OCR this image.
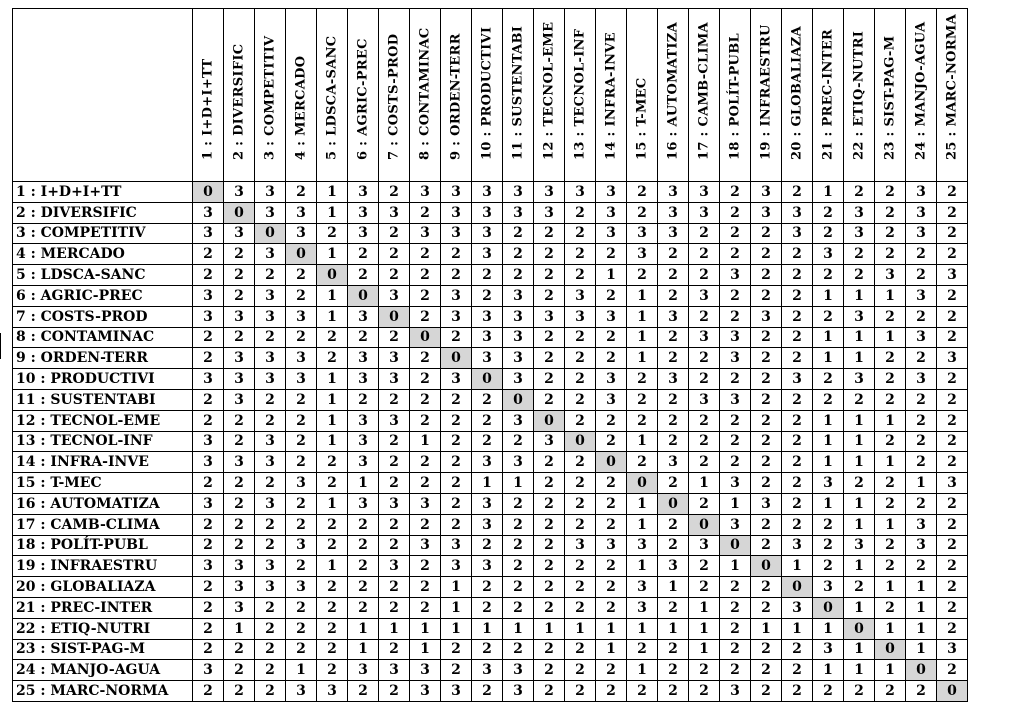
	1 : I+D+I+TT	2 : DIVERSIFIC	3 : COMPETITIV	4 : MERCADO	5 : LDSCA-SANC	6 : AGRIC-PREC	7 : COSTS-PROD	8 : CONTAMINAC	9 : ORDEN-TERR	10 : PRODUCTIVI	11 : SUSTENTABI	12 : TECNOL-EME	13 : TECNOL-INF	14 : INFRA-INVE	15 : T-MEC	16 : AUTOMATIZA	17 : CAMB-CLIMA	18 : POLÍT-PUBL	19 : INFRAESTRU	20 : GLOBALIAZA	21 : PREC-INTER	22 : ETIQ-NUTRI	23 : SIST-PAG-M	24 : MANJO-AGUA	25 : MARC-NORMA

1 : I+D+I+TT	0	3	3	2	1	3	2	3	3	3	3	3	3	3	2	3	3	2	3	2	1	2	2	3	2
2 : DIVERSIFIC	3	0	3	3	1	3	3	2	3	3	3	3	2	3	2	3	3	2	3	3	2	3	2	3	2
3 : COMPETITIV	3	3	0	3	2	3	2	3	3	3	2	2	2	3	3	3	2	2	2	3	2	3	2	3	2
4 : MERCADO	2	2	3	0	1	2	2	2	2	3	2	2	2	2	3	2	2	2	2	2	3	2	2	2	2
5 : LDSCA-SANC	2	2	2	2	0	2	2	2	2	2	2	2	2	1	2	2	2	3	2	2	2	2	3	2	3
6 : AGRIC-PREC	3	2	3	2	1	0	3	2	3	2	3	2	3	2	1	2	3	2	2	2	1	1	1	3	2
7 : COSTS-PROD	3	3	3	3	1	3	0	2	3	3	3	3	3	3	1	3	2	2	3	2	2	3	2	2	2
8 : CONTAMINAC	2	2	2	2	2	2	2	0	2	3	3	2	2	2	1	2	3	3	2	2	1	1	1	3	2
9 : ORDEN-TERR	2	3	3	3	2	3	3	2	0	3	3	2	2	2	1	2	2	3	2	2	1	1	2	2	3
10 : PRODUCTIVI	3	3	3	3	1	3	3	2	3	0	3	2	2	3	2	3	2	2	2	3	2	3	2	3	2
11 : SUSTENTABI	2	3	2	2	1	2	2	2	2	2	0	2	2	3	2	2	3	3	2	2	2	2	2	2	2
12 : TECNOL-EME	2	2	2	2	1	3	3	2	2	2	3	0	2	2	2	2	2	2	2	2	1	1	1	2	2
13 : TECNOL-INF	3	2	3	2	1	3	2	1	2	2	2	3	0	2	1	2	2	2	2	2	1	1	2	2	2
14 : INFRA-INVE	3	3	3	2	2	3	2	2	2	3	3	2	2	0	2	3	2	2	2	2	1	1	1	2	2
15 : T-MEC	2	2	2	3	2	1	2	2	2	1	1	2	2	2	0	2	1	3	2	2	3	2	2	1	3
16 : AUTOMATIZA	3	2	3	2	1	3	3	3	2	3	2	2	2	2	1	0	2	1	3	2	1	1	2	2	2
17 : CAMB-CLIMA	2	2	2	2	2	2	2	2	2	3	2	2	2	2	1	2	0	3	2	2	2	1	1	3	2
18 : POLÍT-PUBL	2	2	2	3	2	2	2	3	3	2	2	2	3	3	3	2	3	0	2	3	2	3	2	3	2
19 : INFRAESTRU	3	3	3	2	1	2	3	2	3	3	2	2	2	2	1	3	2	1	0	1	2	1	2	2	2
20 : GLOBALIAZA	2	3	3	3	2	2	2	2	1	2	2	2	2	2	3	1	2	2	2	0	3	2	1	1	2
21 : PREC-INTER	2	3	2	2	2	2	2	2	1	2	2	2	2	2	3	2	1	2	2	3	0	1	2	1	2
22 : ETIQ-NUTRI	2	1	2	2	2	1	1	1	1	1	1	1	1	1	1	1	1	2	1	1	1	0	1	1	2
23 : SIST-PAG-M	2	2	2	2	2	1	2	1	2	2	2	2	2	1	2	2	1	2	2	2	3	1	0	1	3
24 : MANJO-AGUA	3	2	2	1	2	3	3	3	2	3	3	2	2	2	1	2	2	2	2	2	1	1	1	0	2
25 : MARC-NORMA	2	2	2	3	3	2	2	3	3	2	3	2	2	2	2	2	2	3	2	2	2	2	2	2	0
